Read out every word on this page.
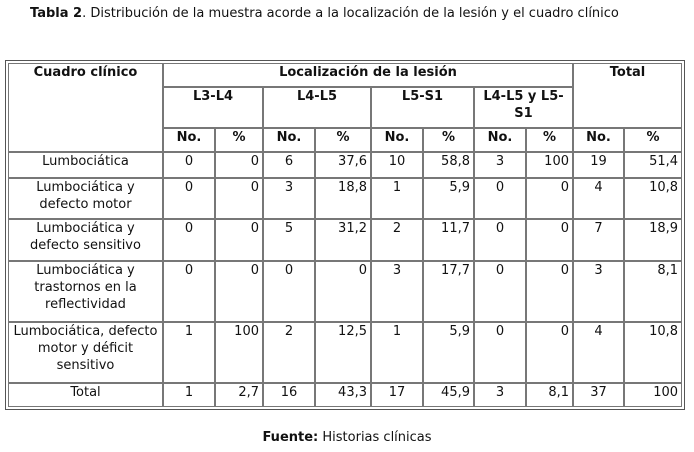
Tabla 2. Distribución de la muestra acorde a la localización de la lesión y el cuadro clínico
Cuadro clínico	Localización de la lesión								Total	
	L3-L4		L4-L5		L5-S1		L4-L5 y L5-S1			
	No.	%	No.	%	No.	%	No.	%	No.	%
Lumbociática	0	0	6	37,6	10	58,8	3	100	19	51,4
Lumbociática y defecto motor	0	0	3	18,8	1	5,9	0	0	4	10,8
Lumbociática y defecto sensitivo	0	0	5	31,2	2	11,7	0	0	7	18,9
Lumbociática y trastornos en la reflectividad	0	0	0	0	3	17,7	0	0	3	8,1
Lumbociática, defecto motor y déficit sensitivo	1	100	2	12,5	1	5,9	0	0	4	10,8
Total	1	2,7	16	43,3	17	45,9	3	8,1	37	100
Fuente: Historias clínicas
